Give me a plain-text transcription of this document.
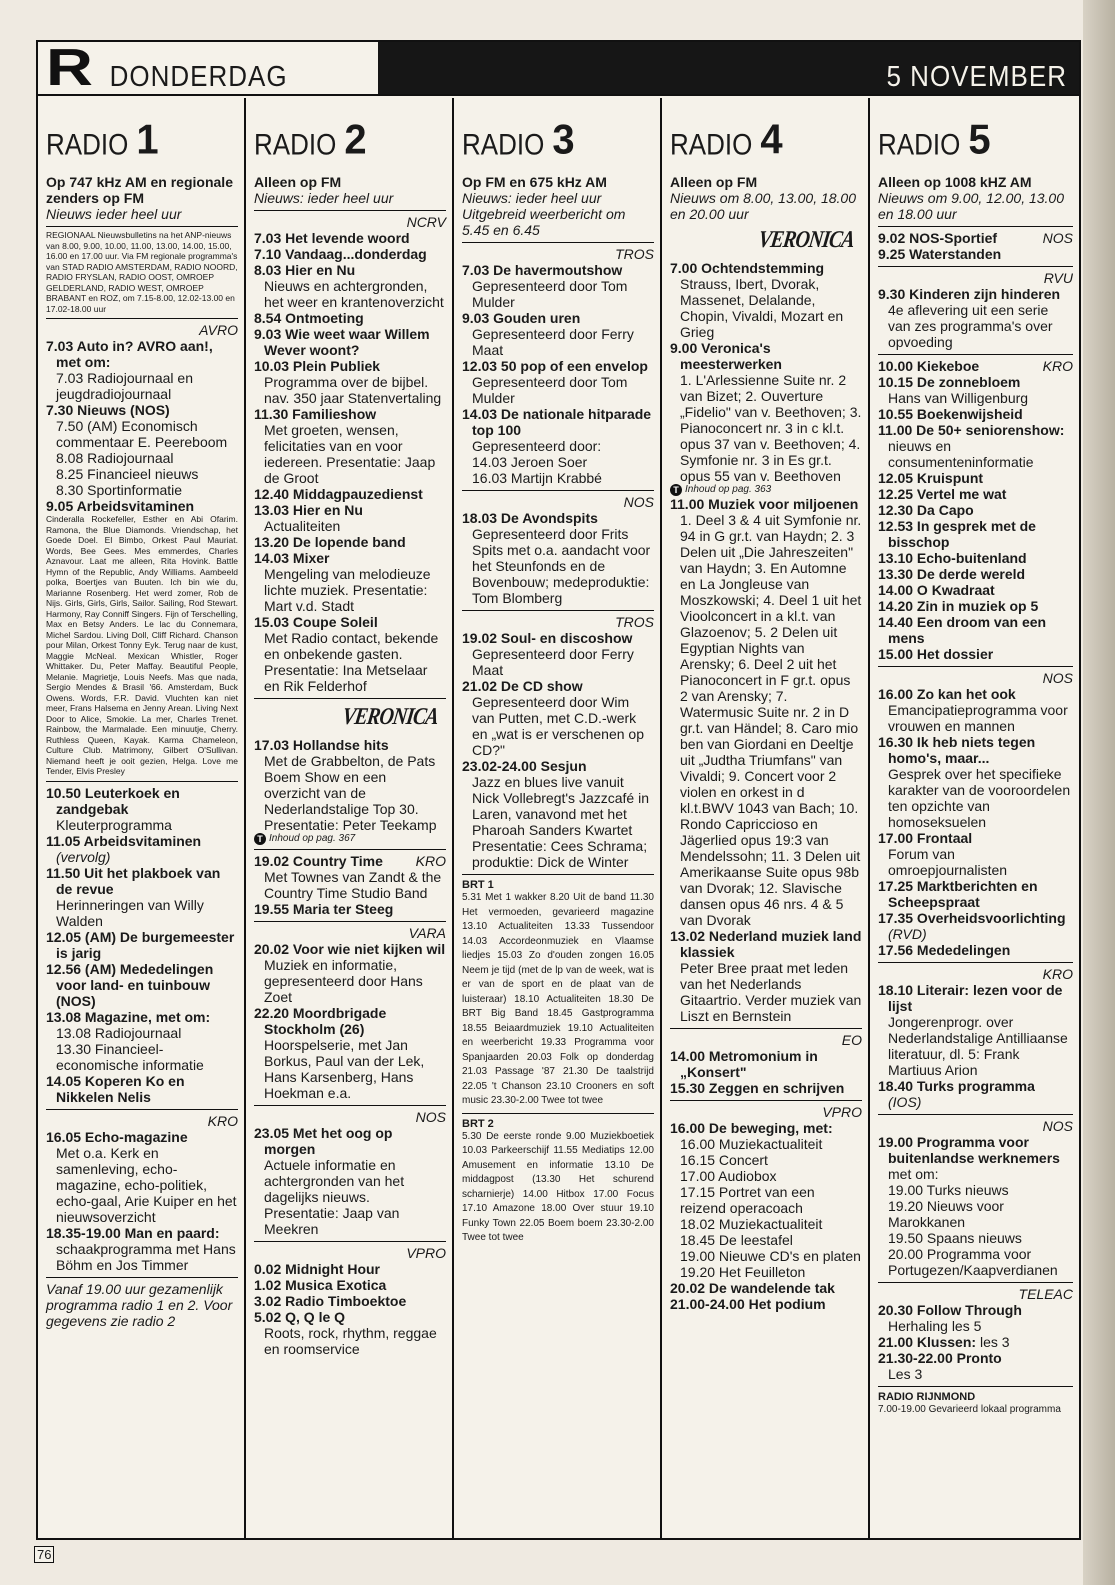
R DONDERDAG	5 NOVEMBER
RADIO 1
Op 747 kHz AM en regionale zenders op FM
Nieuws ieder heel uur
REGIONAAL Nieuwsbulletins na het ANP-nieuws van 8.00, 9.00, 10.00, 11.00, 13.00, 14.00, 15.00, 16.00 en 17.00 uur. Via FM regionale programma's van STAD RADIO AMSTERDAM, RADIO NOORD, RADIO FRYSLAN, RADIO OOST, OMROEP GELDERLAND, RADIO WEST, OMROEP BRABANT en ROZ, om 7.15-8.00, 12.02-13.00 en 17.02-18.00 uur
AVRO
7.03 Auto in? AVRO aan!, met om:
7.03 Radiojournaal en jeugdradiojournaal
7.30 Nieuws (NOS)
7.50 (AM) Economisch commentaar E. Peereboom
8.08 Radiojournaal
8.25 Financieel nieuws
8.30 Sportinformatie
9.05 Arbeidsvitaminen
Cinderalla Rockefeller, Esther en Abi Ofarim. Ramona, the Blue Diamonds. Vriendschap, het Goede Doel. El Bimbo, Orkest Paul Mauriat. Words, Bee Gees. Mes emmerdes, Charles Aznavour. Laat me alleen, Rita Hovink. Battle Hymn of the Republic, Andy Williams. Aambeeld polka, Boertjes van Buuten. Ich bin wie du, Marianne Rosenberg. Het werd zomer, Rob de Nijs. Girls, Girls, Girls, Sailor. Sailing, Rod Stewart. Harmony, Ray Conniff Singers. Fijn of Terschelling, Max en Betsy Anders. Le lac du Connemara, Michel Sardou. Living Doll, Cliff Richard. Chanson pour Milan, Orkest Tonny Eyk. Terug naar de kust, Maggie McNeal. Mexican Whistler, Roger Whittaker. Du, Peter Maffay. Beautiful People, Melanie. Magrietje, Louis Neefs. Mas que nada, Sergio Mendes & Brasil '66. Amsterdam, Buck Owens. Words, F.R. David. Vluchten kan niet meer, Frans Halsema en Jenny Arean. Living Next Door to Alice, Smokie. La mer, Charles Trenet. Rainbow, the Marmalade. Een minuutje, Cherry. Ruthless Queen, Kayak. Karma Chameleon, Culture Club. Matrimony, Gilbert O'Sullivan. Niemand heeft je ooit gezien, Helga. Love me Tender, Elvis Presley
10.50 Leuterkoek en zandgebak
Kleuterprogramma
11.05 Arbeidsvitaminen
(vervolg)
11.50 Uit het plakboek van de revue
Herinneringen van Willy Walden
12.05 (AM) De burgemeester is jarig
12.56 (AM) Mededelingen voor land- en tuinbouw (NOS)
13.08 Magazine, met om:
13.08 Radiojournaal
13.30 Financieel-economische informatie
14.05 Koperen Ko en Nikkelen Nelis
KRO
16.05 Echo-magazine
Met o.a. Kerk en samenleving, echo-magazine, echo-politiek, echo-gaal, Arie Kuiper en het nieuwsoverzicht
18.35-19.00 Man en paard:
schaakprogramma met Hans Böhm en Jos Timmer
Vanaf 19.00 uur gezamenlijk programma radio 1 en 2. Voor gegevens zie radio 2
RADIO 2
Alleen op FM
Nieuws: ieder heel uur
NCRV
7.03 Het levende woord
7.10 Vandaag...donderdag
8.03 Hier en Nu
Nieuws en achtergronden, het weer en krantenoverzicht
8.54 Ontmoeting
9.03 Wie weet waar Willem Wever woont?
10.03 Plein Publiek
Programma over de bijbel. nav. 350 jaar Statenvertaling
11.30 Familieshow
Met groeten, wensen, felicitaties van en voor iedereen. Presentatie: Jaap de Groot
12.40 Middagpauzedienst
13.03 Hier en Nu
Actualiteiten
13.20 De lopende band
14.03 Mixer
Mengeling van melodieuze lichte muziek. Presentatie: Mart v.d. Stadt
15.03 Coupe Soleil
Met Radio contact, bekende en onbekende gasten. Presentatie: Ina Metselaar en Rik Felderhof
VERONICA
17.03 Hollandse hits
Met de Grabbelton, de Pats Boem Show en een overzicht van de Nederlandstalige Top 30. Presentatie: Peter Teekamp
T Inhoud op pag. 367
19.02 Country Time KRO
Met Townes van Zandt & the Country Time Studio Band
19.55 Maria ter Steeg
VARA
20.02 Voor wie niet kijken wil
Muziek en informatie, gepresenteerd door Hans Zoet
22.20 Moordbrigade Stockholm (26)
Hoorspelserie, met Jan Borkus, Paul van der Lek, Hans Karsenberg, Hans Hoekman e.a.
NOS
23.05 Met het oog op morgen
Actuele informatie en achtergronden van het dagelijks nieuws. Presentatie: Jaap van Meekren
VPRO
0.02 Midnight Hour
1.02 Musica Exotica
3.02 Radio Timboektoe
5.02 Q, Q le Q
Roots, rock, rhythm, reggae en roomservice
RADIO 3
Op FM en 675 kHz AM
Nieuws: ieder heel uur Uitgebreid weerbericht om 5.45 en 6.45
TROS
7.03 De havermoutshow
Gepresenteerd door Tom Mulder
9.03 Gouden uren
Gepresenteerd door Ferry Maat
12.03 50 pop of een envelop
Gepresenteerd door Tom Mulder
14.03 De nationale hitparade top 100
Gepresenteerd door:
14.03 Jeroen Soer
16.03 Martijn Krabbé
NOS
18.03 De Avondspits
Gepresenteerd door Frits Spits met o.a. aandacht voor het Steunfonds en de Bovenbouw; medeproduktie: Tom Blomberg
TROS
19.02 Soul- en discoshow
Gepresenteerd door Ferry Maat
21.02 De CD show
Gepresenteerd door Wim van Putten, met C.D.-werk en „wat is er verschenen op CD?"
23.02-24.00 Sesjun
Jazz en blues live vanuit Nick Vollebregt's Jazzcafé in Laren, vanavond met het Pharoah Sanders Kwartet Presentatie: Cees Schrama; produktie: Dick de Winter
BRT 1
5.31 Met 1 wakker 8.20 Uit de band 11.30 Het vermoeden, gevarieerd magazine 13.10 Actualiteiten 13.33 Tussendoor 14.03 Accordeonmuziek en Vlaamse liedjes 15.03 Zo d'ouden zongen 16.05 Neem je tijd (met de lp van de week, wat is er van de sport en de plaat van de luisteraar) 18.10 Actualiteiten 18.30 De BRT Big Band 18.45 Gastprogramma 18.55 Beiaardmuziek 19.10 Actualiteiten en weerbericht 19.33 Programma voor Spanjaarden 20.03 Folk op donderdag 21.03 Passage '87 21.30 De taalstrijd 22.05 't Chanson 23.10 Crooners en soft music 23.30-2.00 Twee tot twee
BRT 2
5.30 De eerste ronde 9.00 Muziekboetiek 10.03 Parkeerschijf 11.55 Mediatips 12.00 Amusement en informatie 13.10 De middagpost (13.30 Het schurend scharnierje) 14.00 Hitbox 17.00 Focus 17.10 Amazone 18.00 Over stuur 19.10 Funky Town 22.05 Boem boem 23.30-2.00 Twee tot twee
RADIO 4
Alleen op FM
Nieuws om 8.00, 13.00, 18.00 en 20.00 uur
VERONICA
7.00 Ochtendstemming
Strauss, Ibert, Dvorak, Massenet, Delalande, Chopin, Vivaldi, Mozart en Grieg
9.00 Veronica's meesterwerken
1. L'Arlessienne Suite nr. 2 van Bizet; 2. Ouverture „Fidelio" van v. Beethoven; 3. Pianoconcert nr. 3 in c kl.t. opus 37 van v. Beethoven; 4. Symfonie nr. 3 in Es gr.t. opus 55 van v. Beethoven
T Inhoud op pag. 363
11.00 Muziek voor miljoenen
1. Deel 3 & 4 uit Symfonie nr. 94 in G gr.t. van Haydn; 2. 3 Delen uit „Die Jahreszeiten" van Haydn; 3. En Automne en La Jongleuse van Moszkowski; 4. Deel 1 uit het Vioolconcert in a kl.t. van Glazoenov; 5. 2 Delen uit Egyptian Nights van Arensky; 6. Deel 2 uit het Pianoconcert in F gr.t. opus 2 van Arensky; 7. Watermusic Suite nr. 2 in D gr.t. van Händel; 8. Caro mio ben van Giordani en Deeltje uit „Judtha Triumfans" van Vivaldi; 9. Concert voor 2 violen en orkest in d kl.t.BWV 1043 van Bach; 10. Rondo Capriccioso en Jägerlied opus 19:3 van Mendelssohn; 11. 3 Delen uit Amerikaanse Suite opus 98b van Dvorak; 12. Slavische dansen opus 46 nrs. 4 & 5 van Dvorak
13.02 Nederland muziek land klassiek
Peter Bree praat met leden van het Nederlands Gitaartrio. Verder muziek van Liszt en Bernstein
EO
14.00 Metromonium in „Konsert"
15.30 Zeggen en schrijven
VPRO
16.00 De beweging, met:
16.00 Muziekactualiteit
16.15 Concert
17.00 Audiobox
17.15 Portret van een reizend operacoach
18.02 Muziekactualiteit
18.45 De leestafel
19.00 Nieuwe CD's en platen
19.20 Het Feuilleton
20.02 De wandelende tak
21.00-24.00 Het podium
RADIO 5
Alleen op 1008 kHZ AM
Nieuws om 9.00, 12.00, 13.00 en 18.00 uur
9.02 NOS-Sportief	NOS
9.25 Waterstanden
RVU
9.30 Kinderen zijn hinderen
4e aflevering uit een serie van zes programma's over opvoeding
10.00 Kiekeboe	KRO
10.15 De zonnebloem
Hans van Willigenburg
10.55 Boekenwijsheid
11.00 De 50+ seniorenshow:
nieuws en consumenteninformatie
12.05 Kruispunt
12.25 Vertel me wat
12.30 Da Capo
12.53 In gesprek met de bisschop
13.10 Echo-buitenland
13.30 De derde wereld
14.00 O Kwadraat
14.20 Zin in muziek op 5
14.40 Een droom van een mens
15.00 Het dossier
NOS
16.00 Zo kan het ook
Emancipatieprogramma voor vrouwen en mannen
16.30 Ik heb niets tegen homo's, maar...
Gesprek over het specifieke karakter van de vooroordelen ten opzichte van homoseksuelen
17.00 Frontaal
Forum van omroepjournalisten
17.25 Marktberichten en Scheepspraat
17.35 Overheidsvoorlichting
(RVD)
17.56 Mededelingen
KRO
18.10 Literair: lezen voor de lijst
Jongerenprogr. over Nederlandstalige Antilliaanse literatuur, dl. 5: Frank Martiuus Arion
18.40 Turks programma
(IOS)
NOS
19.00 Programma voor buitenlandse werknemers
met om:
19.00 Turks nieuws
19.20 Nieuws voor Marokkanen
19.50 Spaans nieuws
20.00 Programma voor Portugezen/Kaapverdianen
TELEAC
20.30 Follow Through
Herhaling les 5
21.00 Klussen: les 3
21.30-22.00 Pronto
Les 3
RADIO RIJNMOND
7.00-19.00 Gevarieerd lokaal programma
76
